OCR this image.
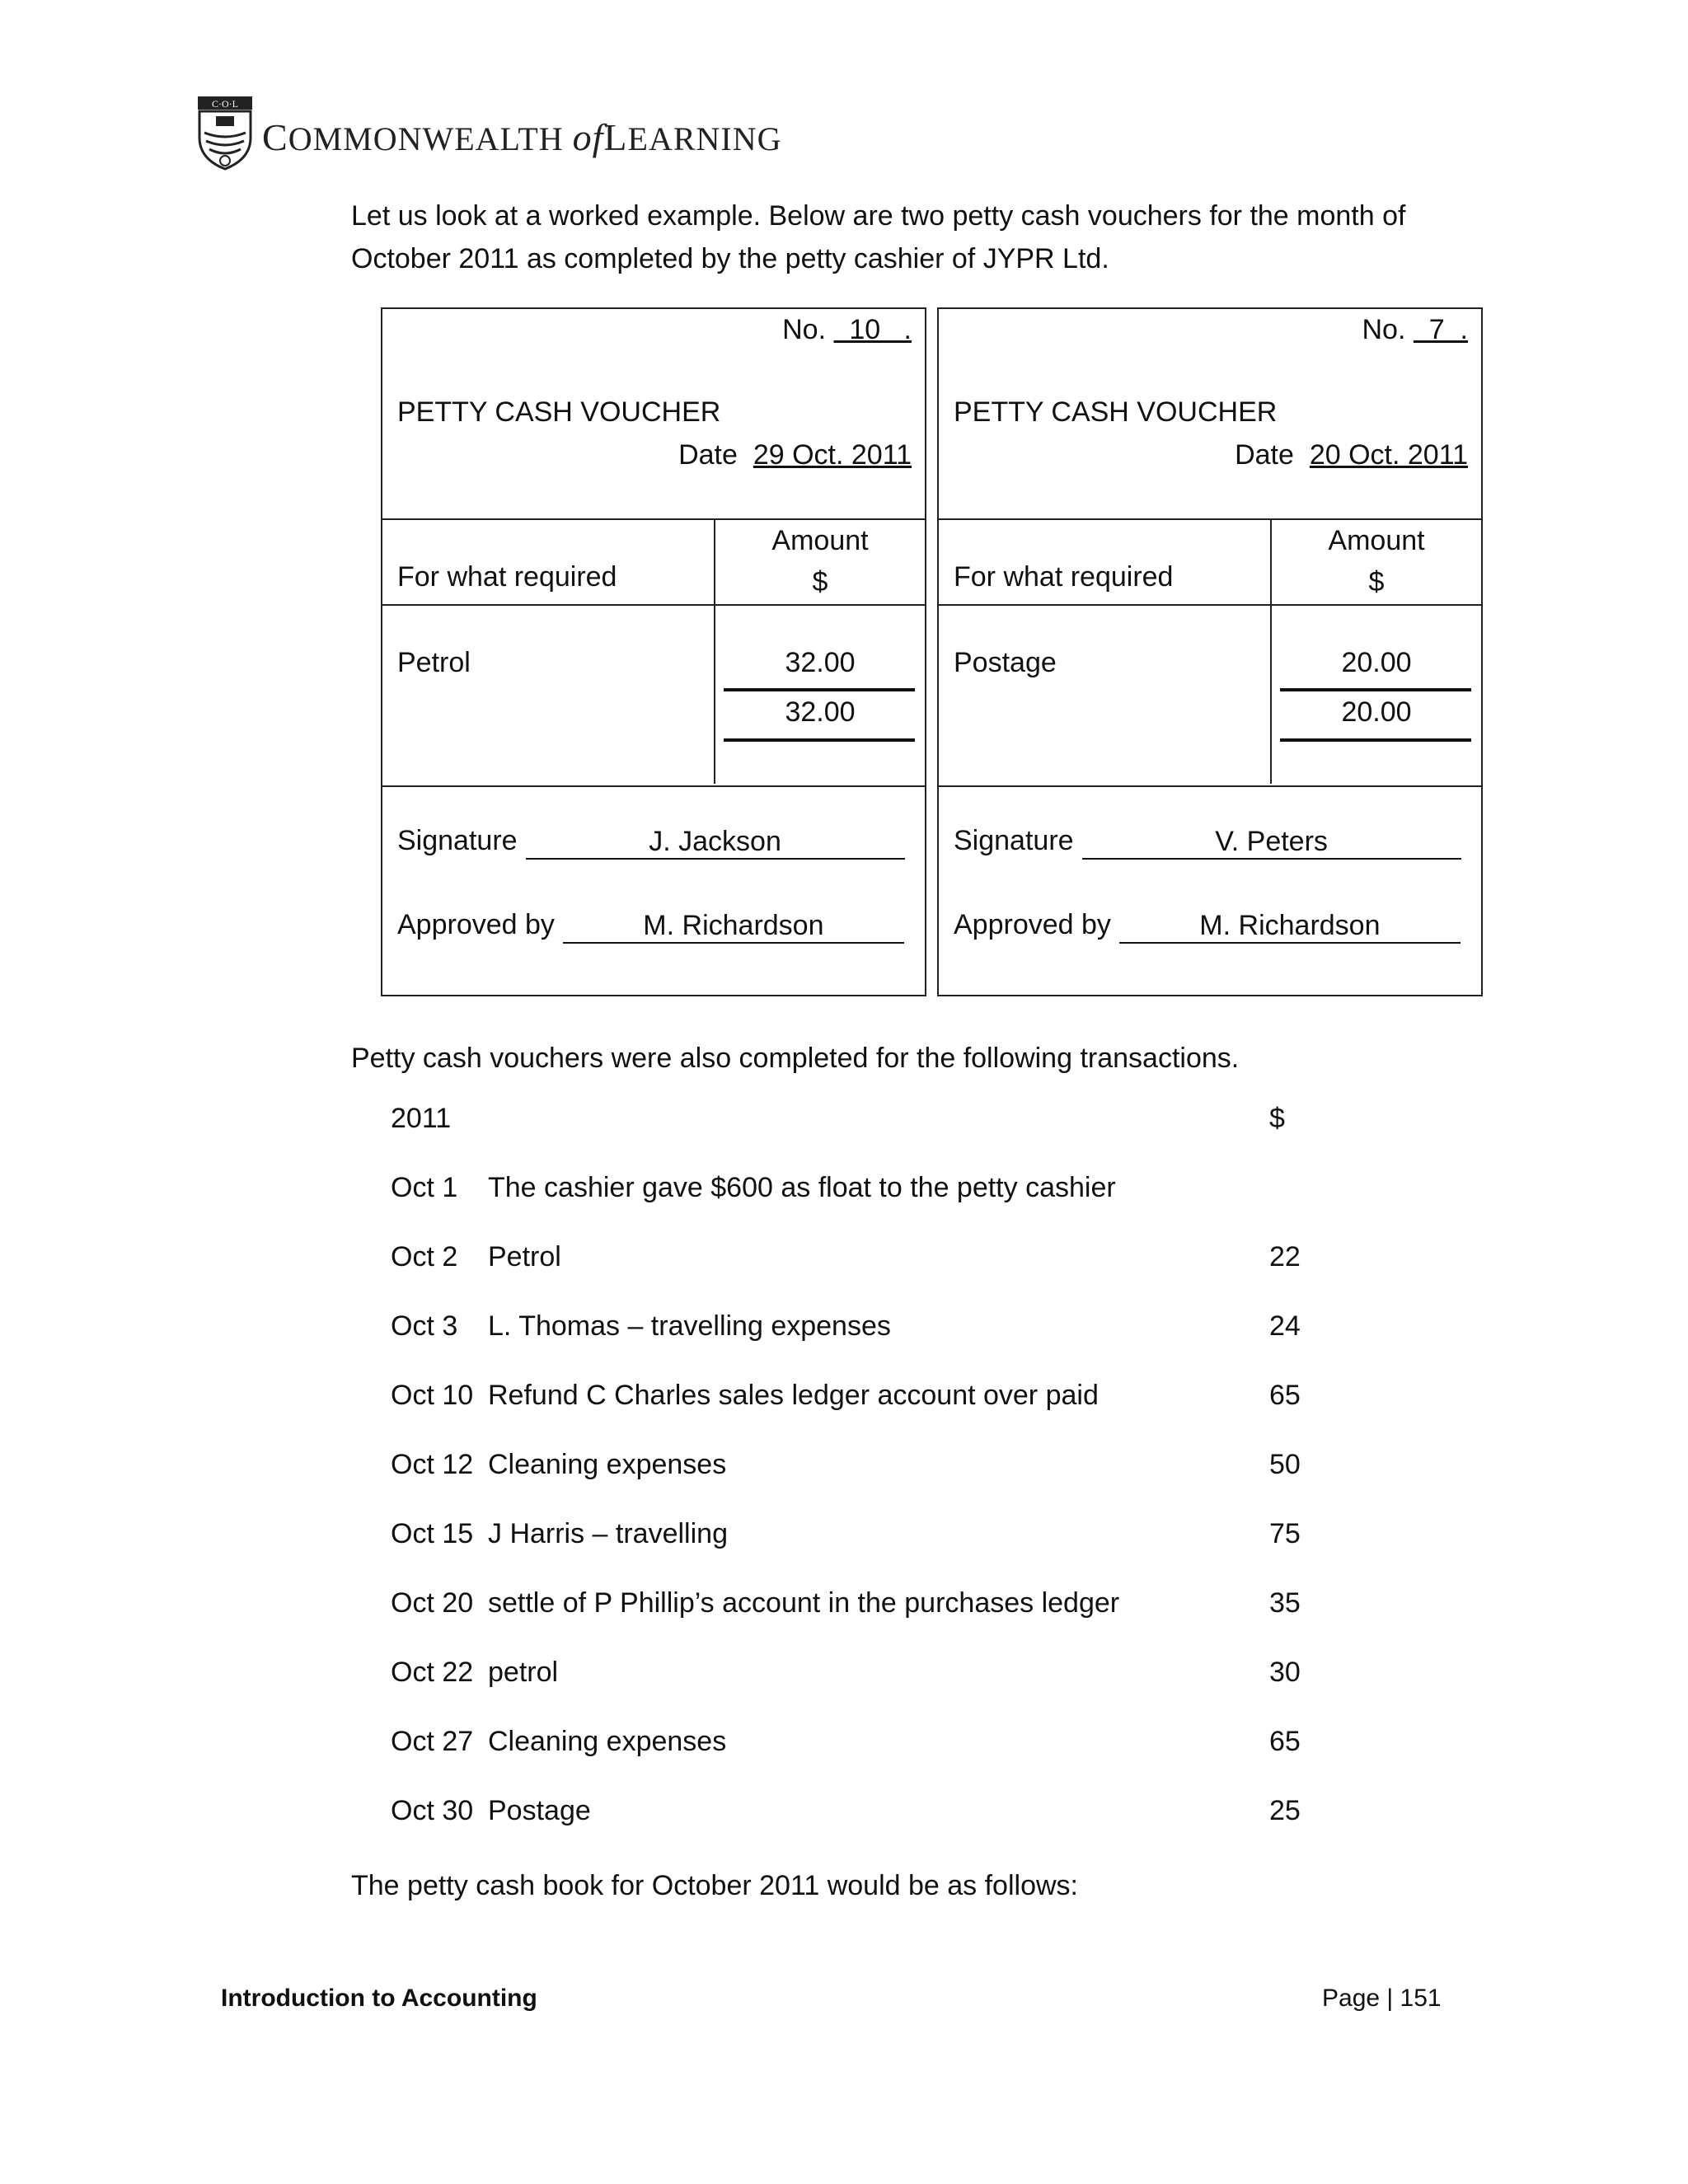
C·O·L
COMMONWEALTH ofLEARNING

Let us look at a worked example. Below are two petty cash vouchers for the month of October 2011 as completed by the petty cashier of JYPR Ltd.

No.   10   .
PETTY CASH VOUCHER
Date 29 Oct. 2011
For what required
Amount
$
Petrol	32.00
32.00
Signature	J. Jackson
Approved by	M. Richardson
No.   7  .
PETTY CASH VOUCHER
Date 20 Oct. 2011
For what required
Amount
$
Postage	20.00
20.00
Signature	V. Peters
Approved by	M. Richardson

Petty cash vouchers were also completed for the following transactions.

2011	$
Oct 1 The cashier gave $600 as float to the petty cashier
Oct 2 Petrol	22
Oct 3 L. Thomas – travelling expenses	24
Oct 10 Refund C Charles sales ledger account over paid	65
Oct 12 Cleaning expenses	50
Oct 15 J Harris – travelling	75
Oct 20 settle of P Phillip’s account in the purchases ledger	35
Oct 22 petrol	30
Oct 27 Cleaning expenses	65
Oct 30 Postage	25

The petty cash book for October 2011 would be as follows:

Introduction to Accounting	Page | 151
